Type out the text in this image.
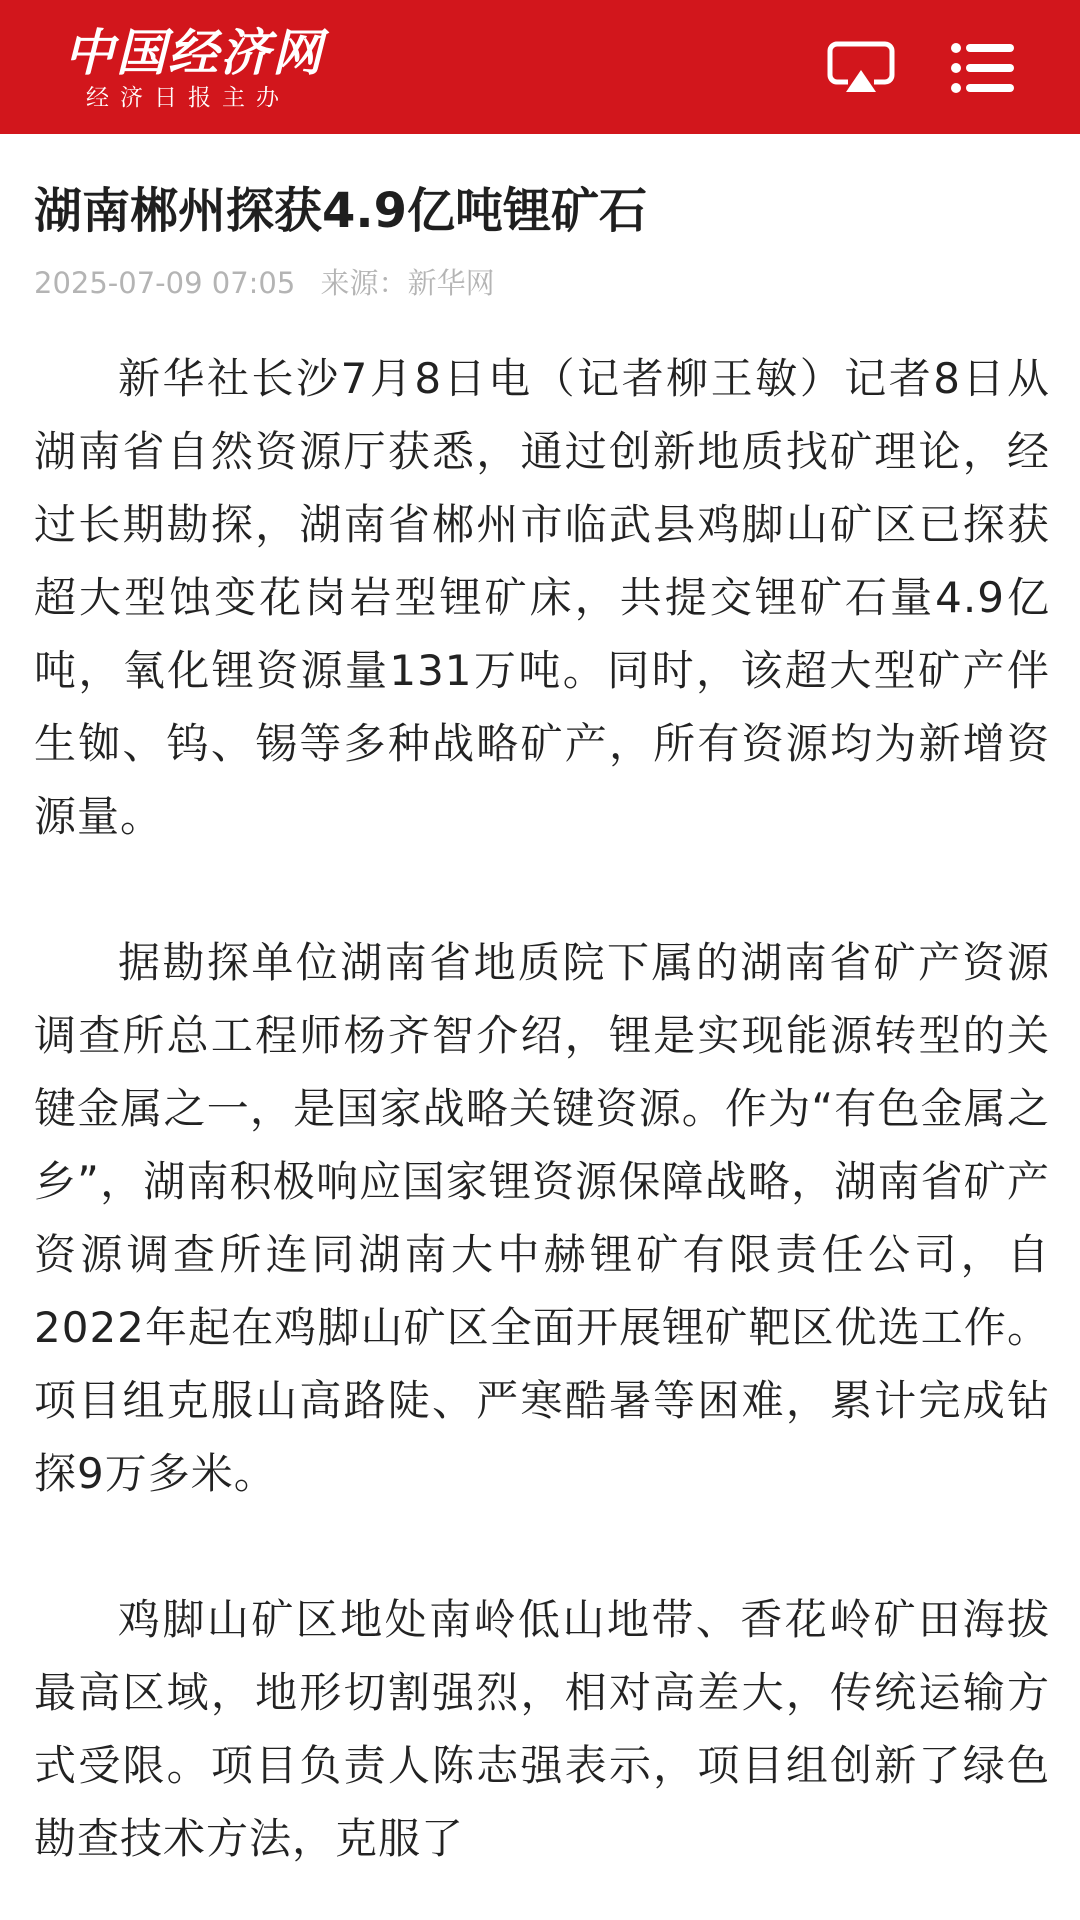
中国经济网
经济日报主办
湖南郴州探获4.9亿吨锂矿石
2025-07-09 07:05 来源：新华网

新华社长沙7月8日电（记者柳王敏）记者8日从湖南省自然资源厅获悉，通过创新地质找矿理论，经过长期勘探，湖南省郴州市临武县鸡脚山矿区已探获超大型蚀变花岗岩型锂矿床，共提交锂矿石量4.9亿吨，氧化锂资源量131万吨。同时，该超大型矿产伴生铷、钨、锡等多种战略矿产，所有资源均为新增资源量。

据勘探单位湖南省地质院下属的湖南省矿产资源调查所总工程师杨齐智介绍，锂是实现能源转型的关键金属之一，是国家战略关键资源。作为“有色金属之乡”，湖南积极响应国家锂资源保障战略，湖南省矿产资源调查所连同湖南大中赫锂矿有限责任公司，自2022年起在鸡脚山矿区全面开展锂矿靶区优选工作。项目组克服山高路陡、严寒酷暑等困难，累计完成钻探9万多米。

鸡脚山矿区地处南岭低山地带、香花岭矿田海拔最高区域，地形切割强烈，相对高差大，传统运输方式受限。项目负责人陈志强表示，项目组创新了绿色勘查技术方法，克服了
